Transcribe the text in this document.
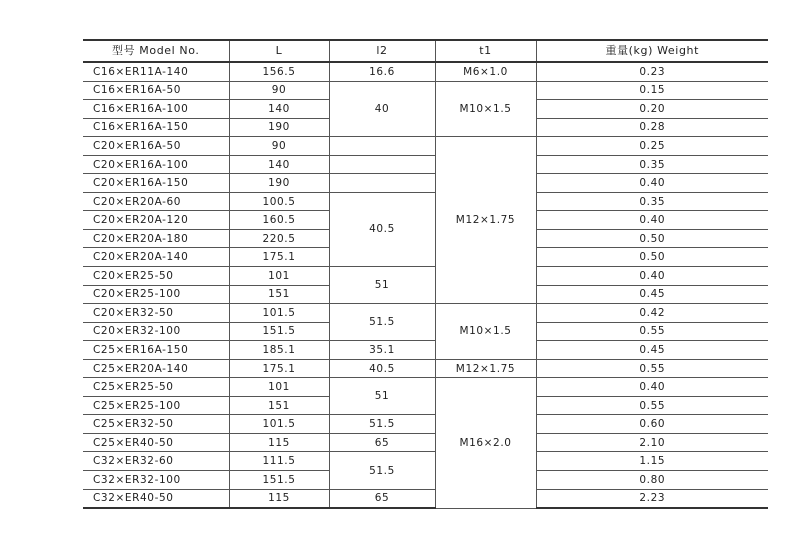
型号 Model No.	L	l2	t1	重量(kg) Weight
C16×ER11A-140	156.5	16.6	M6×1.0	0.23
C16×ER16A-50	90	40	M10×1.5	0.15
C16×ER16A-100	140			0.20
C16×ER16A-150	190			0.28
C20×ER16A-50	90		M12×1.75	0.25
C20×ER16A-100	140			0.35
C20×ER16A-150	190			0.40
C20×ER20A-60	100.5	40.5		0.35
C20×ER20A-120	160.5			0.40
C20×ER20A-180	220.5			0.50
C20×ER20A-140	175.1			0.50
C20×ER25-50	101	51		0.40
C20×ER25-100	151			0.45
C20×ER32-50	101.5	51.5	M10×1.5	0.42
C20×ER32-100	151.5			0.55
C25×ER16A-150	185.1	35.1		0.45
C25×ER20A-140	175.1	40.5	M12×1.75	0.55
C25×ER25-50	101	51	M16×2.0	0.40
C25×ER25-100	151			0.55
C25×ER32-50	101.5	51.5		0.60
C25×ER40-50	115	65		2.10
C32×ER32-60	111.5	51.5		1.15
C32×ER32-100	151.5			0.80
C32×ER40-50	115	65		2.23
